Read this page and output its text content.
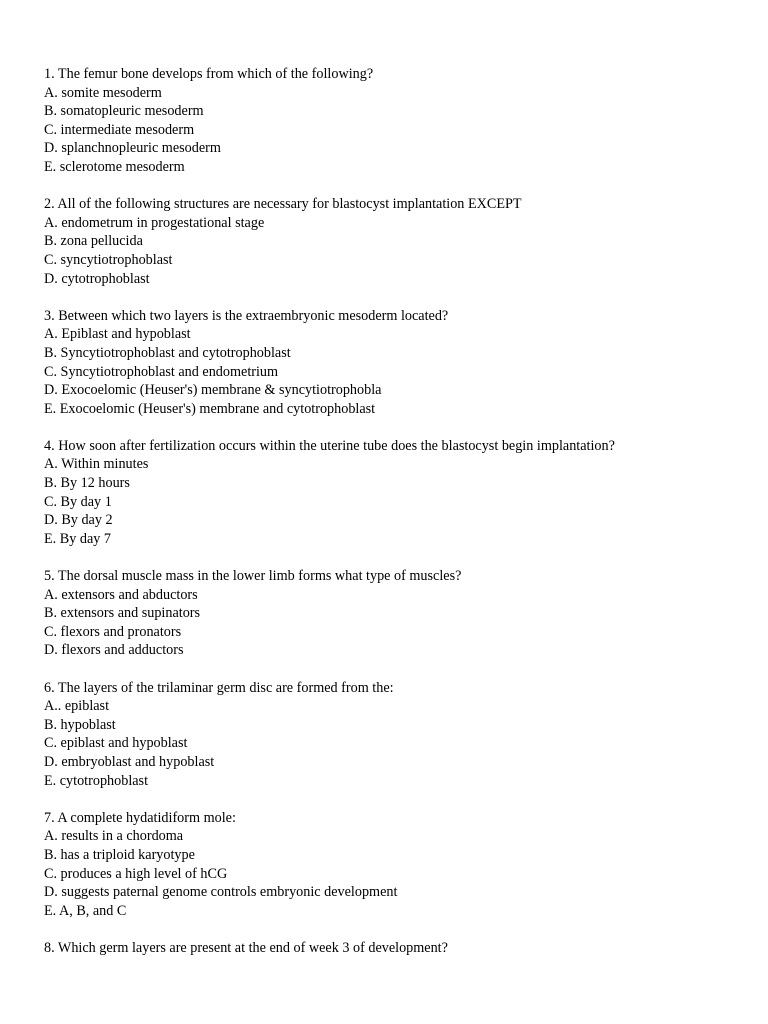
1. The femur bone develops from which of the following?

A. somite mesoderm

B. somatopleuric mesoderm

C. intermediate mesoderm

D. splanchnopleuric mesoderm

E. sclerotome mesoderm

2. All of the following structures are necessary for blastocyst implantation EXCEPT

A. endometrum in progestational stage

B. zona pellucida

C. syncytiotrophoblast

D. cytotrophoblast

3. Between which two layers is the extraembryonic mesoderm located?

A. Epiblast and hypoblast

B. Syncytiotrophoblast and cytotrophoblast

C. Syncytiotrophoblast and endometrium

D. Exocoelomic (Heuser's) membrane & syncytiotrophobla

E. Exocoelomic (Heuser's) membrane and cytotrophoblast

4. How soon after fertilization occurs within the uterine tube does the blastocyst begin implantation?

A. Within minutes

B. By 12 hours

C. By day 1

D. By day 2

E. By day 7

5. The dorsal muscle mass in the lower limb forms what type of muscles?

A. extensors and abductors

B. extensors and supinators

C. flexors and pronators

D. flexors and adductors

6. The layers of the trilaminar germ disc are formed from the:

A.. epiblast

B. hypoblast

C. epiblast and hypoblast

D. embryoblast and hypoblast

E. cytotrophoblast

7. A complete hydatidiform mole:

A. results in a chordoma

B. has a triploid karyotype

C. produces a high level of hCG

D. suggests paternal genome controls embryonic development

E. A, B, and C

8. Which germ layers are present at the end of week 3 of development?
